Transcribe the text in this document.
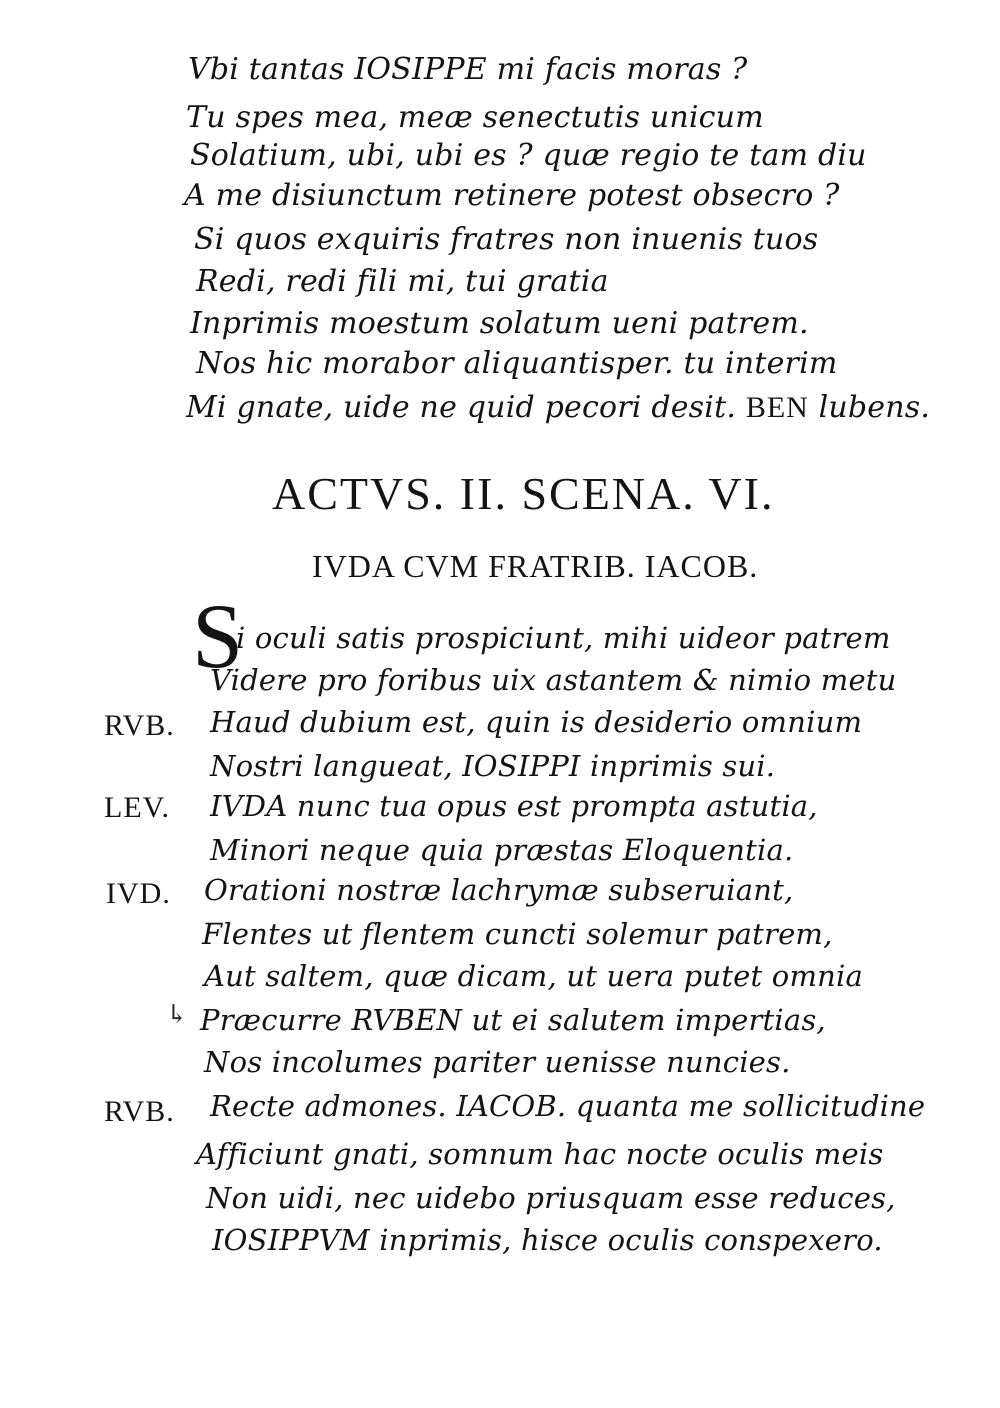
Vbi tantas IOSIPPE mi facis moras ?
Tu spes mea, meæ senectutis unicum
Solatium, ubi, ubi es ? quæ regio te tam diu
A me disiunctum retinere potest obsecro ?
Si quos exquiris fratres non inuenis tuos
Redi, redi fili mi, tui gratia
Inprimis moestum solatum ueni patrem.
Nos hic morabor aliquantisper. tu interim
Mi gnate, uide ne quid pecori desit. BEN lubens.
ACTVS. II. SCENA. VI.
IVDA CVM FRATRIB. IACOB.
S
i oculi satis prospiciunt, mihi uideor patrem
Videre pro foribus uix astantem & nimio metu
RVB. Haud dubium est, quin is desiderio omnium
Nostri langueat, IOSIPPI inprimis sui.
LEV. IVDA nunc tua opus est prompta astutia,
Minori neque quia præstas Eloquentia.
IVD. Orationi nostræ lachrymæ subseruiant,
Flentes ut flentem cuncti solemur patrem,
Aut saltem, quæ dicam, ut uera putet omnia
↳ Præcurre RVBEN ut ei salutem impertias,
Nos incolumes pariter uenisse nuncies.
RVB. Recte admones. IACOB. quanta me sollicitudine
Afficiunt gnati, somnum hac nocte oculis meis
Non uidi, nec uidebo priusquam esse reduces,
IOSIPPVM inprimis, hisce oculis conspexero.
